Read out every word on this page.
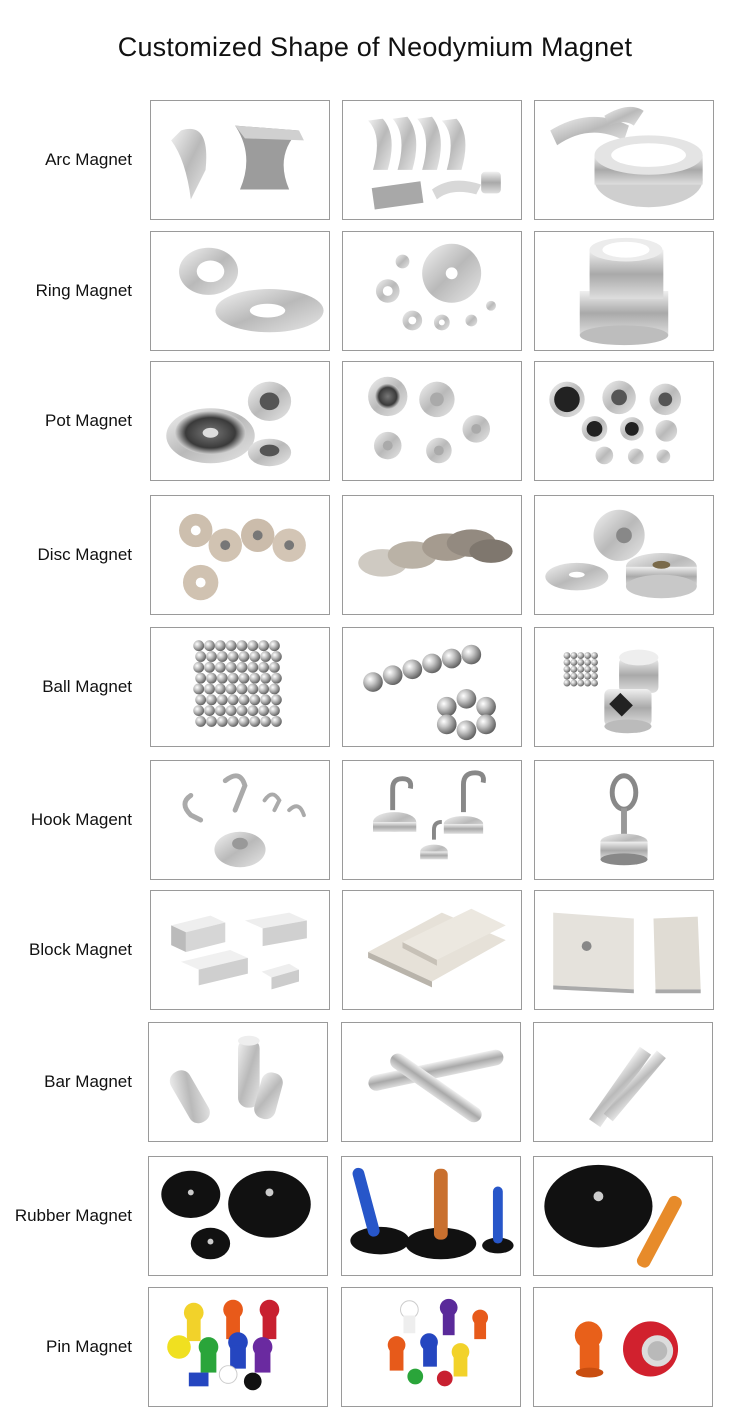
Customized Shape of Neodymium Magnet
Arc Magnet
Ring Magnet
Pot Magnet
Disc Magnet
Ball Magnet
Hook Magent
Block Magnet
Bar Magnet
Rubber Magnet
Pin Magnet
